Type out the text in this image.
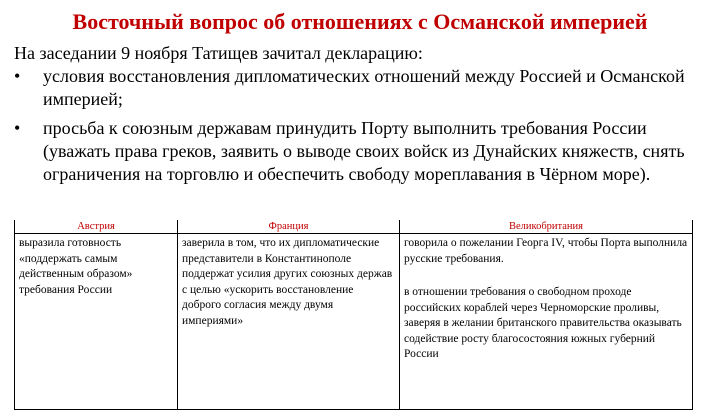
Восточный вопрос об отношениях с Османской империей
На заседании 9 ноября Татищев зачитал декларацию:
• условия восстановления дипломатических отношений между Россией и Османской империей;
• просьба к союзным державам принудить Порту выполнить требования России (уважать права греков, заявить о выводе своих войск из Дунайских княжеств, снять ограничения на торговлю и обеспечить свободу мореплавания в Чёрном море).
Австрия	Франция	Великобритания
выразила готовность «поддержать самым действенным образом» требования России	заверила в том, что их дипломатические представители в Константинополе поддержат усилия других союзных держав с целью «ускорить восстановление доброго согласия между двумя империями»	говорила о пожелании Георга IV, чтобы Порта выполнила русские требования.
в отношении требования о свободном проходе российских кораблей через Черноморские проливы, заверяя в желании британского правительства оказывать содействие росту благосостояния южных губерний России
